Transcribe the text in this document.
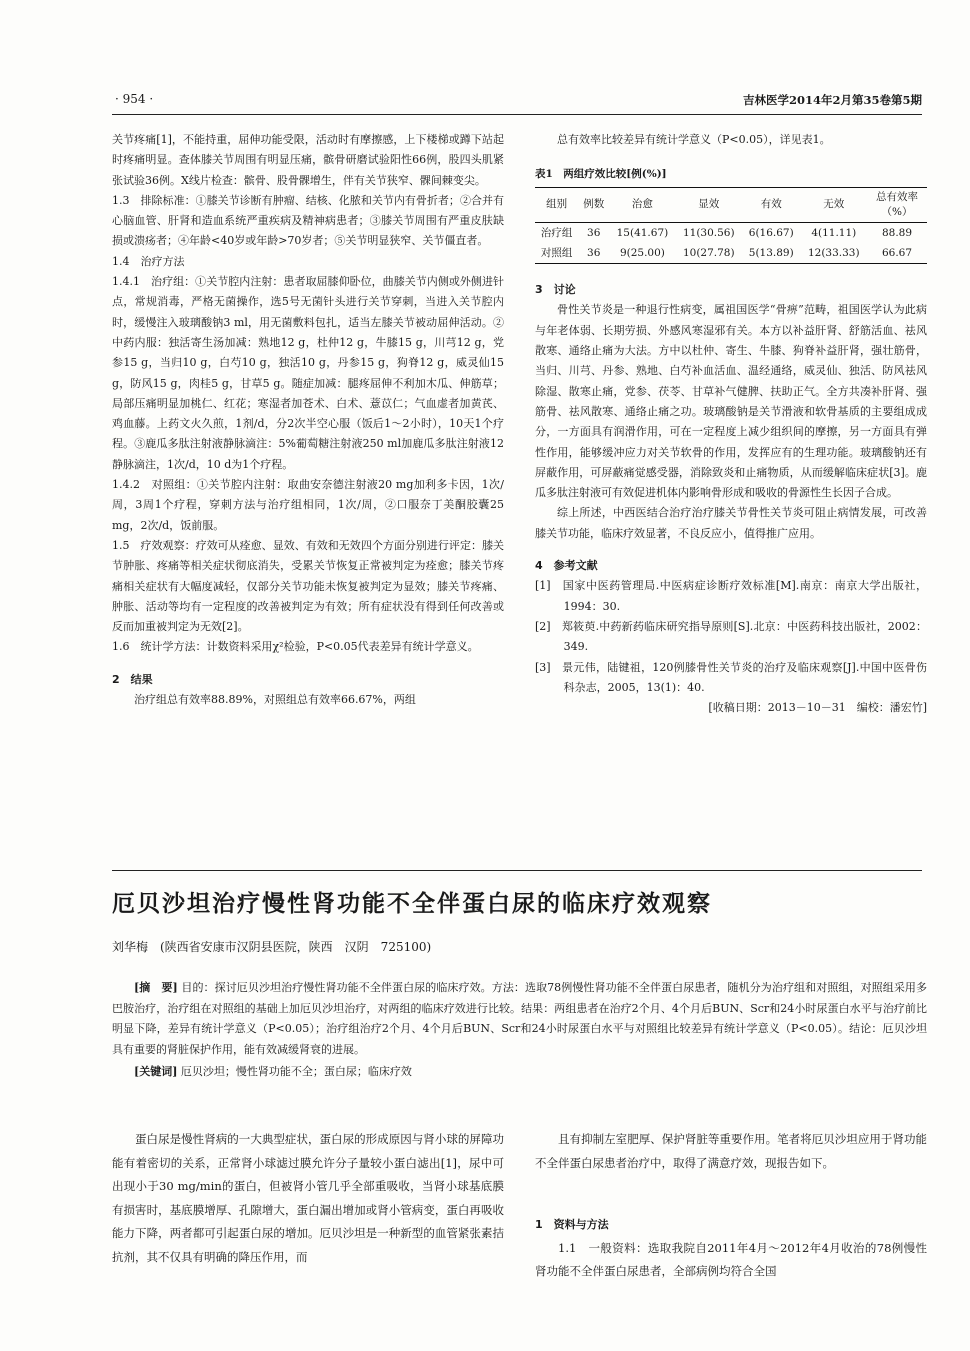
· 954 ·	吉林医学2014年2月第35卷第5期

关节疼痛[1]，不能持重，屈伸功能受限，活动时有摩擦感，上下楼梯或蹲下站起时疼痛明显。查体膝关节周围有明显压痛，髌骨研磨试验阳性66例，股四头肌紧张试验36例。X线片检查：髌骨、股骨髁增生，伴有关节狭窄、髁间棘变尖。

1.3　排除标准：①膝关节诊断有肿瘤、结核、化脓和关节内有骨折者；②合并有心脑血管、肝肾和造血系统严重疾病及精神病患者；③膝关节周围有严重皮肤缺损或溃疡者；④年龄<40岁或年龄>70岁者；⑤关节明显狭窄、关节僵直者。

1.4　治疗方法

1.4.1　治疗组：①关节腔内注射：患者取屈膝仰卧位，曲膝关节内侧或外侧进针点，常规消毒，严格无菌操作，选5号无菌针头进行关节穿刺，当进入关节腔内时，缓慢注入玻璃酸钠3 ml，用无菌敷料包扎，适当左膝关节被动屈伸活动。②中药内服：独活寄生汤加减：熟地12 g，杜仲12 g，牛膝15 g，川芎12 g，党参15 g，当归10 g，白芍10 g，独活10 g，丹参15 g，狗脊12 g，威灵仙15 g，防风15 g，肉桂5 g，甘草5 g。随症加减：腿疼屈伸不利加木瓜、伸筋草；局部压痛明显加桃仁、红花；寒湿者加苍术、白术、薏苡仁；气血虚者加黄芪、鸡血藤。上药文火久煎，1剂/d，分2次半空心服（饭后1～2小时），10天1个疗程。③鹿瓜多肽注射液静脉滴注：5%葡萄糖注射液250 ml加鹿瓜多肽注射液12静脉滴注，1次/d，10 d为1个疗程。

1.4.2　对照组：①关节腔内注射：取曲安奈德注射液20 mg加利多卡因，1次/周，3周1个疗程，穿刺方法与治疗组相同，1次/周，②口服奈丁美酮胶囊25 mg，2次/d，饭前服。

1.5　疗效观察：疗效可从痊愈、显效、有效和无效四个方面分别进行评定：膝关节肿胀、疼痛等相关症状彻底消失，受累关节恢复正常被判定为痊愈；膝关节疼痛相关症状有大幅度减轻，仅部分关节功能未恢复被判定为显效；膝关节疼痛、肿胀、活动等均有一定程度的改善被判定为有效；所有症状没有得到任何改善或反而加重被判定为无效[2]。

1.6　统计学方法：计数资料采用χ²检验，P<0.05代表差异有统计学意义。

2　结果

治疗组总有效率88.89%，对照组总有效率66.67%，两组

总有效率比较差异有统计学意义（P<0.05），详见表1。

表1　两组疗效比较[例(%)]
组别	例数	治愈	显效	有效	无效	总有效率（%）
治疗组	36	15(41.67)	11(30.56)	6(16.67)	4(11.11)	88.89
对照组	36	9(25.00)	10(27.78)	5(13.89)	12(33.33)	66.67

3　讨论

骨性关节炎是一种退行性病变，属祖国医学“骨痹”范畴，祖国医学认为此病与年老体弱、长期劳损、外感风寒湿邪有关。本方以补益肝肾、舒筋活血、祛风散寒、通络止痛为大法。方中以杜仲、寄生、牛膝、狗脊补益肝肾，强壮筋骨，当归、川芎、丹参、熟地、白芍补血活血、温经通络，威灵仙、独活、防风祛风除湿、散寒止痛，党参、茯苓、甘草补气健脾、扶助正气。全方共凑补肝肾、强筋骨、祛风散寒、通络止痛之功。玻璃酸钠是关节滑液和软骨基质的主要组成成分，一方面具有润滑作用，可在一定程度上减少组织间的摩擦，另一方面具有弹性作用，能够缓冲应力对关节软骨的作用，发挥应有的生理功能。玻璃酸钠还有屏蔽作用，可屏蔽痛觉感受器，消除致炎和止痛物质，从而缓解临床症状[3]。鹿瓜多肽注射液可有效促进机体内影响骨形成和吸收的骨源性生长因子合成。

综上所述，中西医结合治疗治疗膝关节骨性关节炎可阻止病情发展，可改善膝关节功能，临床疗效显著，不良反应小，值得推广应用。

4　参考文献

[1]　国家中医药管理局.中医病症诊断疗效标准[M].南京：南京大学出版社，1994：30.

[2]　郑筱萸.中药新药临床研究指导原则[S].北京：中医药科技出版社，2002：349.

[3]　景元伟，陆键祖，120例膝骨性关节炎的治疗及临床观察[J].中国中医骨伤科杂志，2005，13(1)：40.

[收稿日期：2013－10－31　编校：潘宏竹]

厄贝沙坦治疗慢性肾功能不全伴蛋白尿的临床疗效观察
刘华梅　(陕西省安康市汉阴县医院，陕西　汉阴　725100)

[摘　要] 目的：探讨厄贝沙坦治疗慢性肾功能不全伴蛋白尿的临床疗效。方法：选取78例慢性肾功能不全伴蛋白尿患者，随机分为治疗组和对照组，对照组采用多巴胺治疗，治疗组在对照组的基础上加厄贝沙坦治疗，对两组的临床疗效进行比较。结果：两组患者在治疗2个月、4个月后BUN、Scr和24小时尿蛋白水平与治疗前比明显下降，差异有统计学意义（P<0.05）；治疗组治疗2个月、4个月后BUN、Scr和24小时尿蛋白水平与对照组比较差异有统计学意义（P<0.05）。结论：厄贝沙坦具有重要的肾脏保护作用，能有效减缓肾衰的进展。

[关键词] 厄贝沙坦；慢性肾功能不全；蛋白尿；临床疗效

蛋白尿是慢性肾病的一大典型症状，蛋白尿的形成原因与肾小球的屏障功能有着密切的关系，正常肾小球滤过膜允许分子量较小蛋白滤出[1]，尿中可出现小于30 mg/min的蛋白，但被肾小管几乎全部重吸收，当肾小球基底膜有损害时，基底膜增厚、孔隙增大，蛋白漏出增加或肾小管病变，蛋白再吸收能力下降，两者都可引起蛋白尿的增加。厄贝沙坦是一种新型的血管紧张素拮抗剂，其不仅具有明确的降压作用，而

且有抑制左室肥厚、保护肾脏等重要作用。笔者将厄贝沙坦应用于肾功能不全伴蛋白尿患者治疗中，取得了满意疗效，现报告如下。

1　资料与方法

1.1　一般资料：选取我院自2011年4月～2012年4月收治的78例慢性肾功能不全伴蛋白尿患者，全部病例均符合全国
